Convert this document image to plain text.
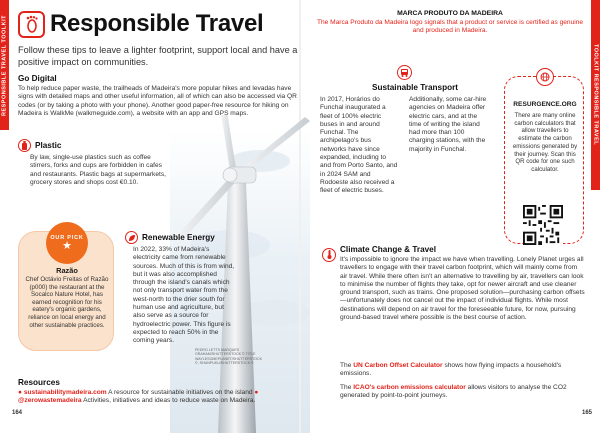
RESPONSIBLE TRAVEL TOOLKIT	TOOLKIT RESPONSIBLE TRAVEL
Responsible Travel
Follow these tips to leave a lighter footprint, support local and have a positive impact on communities.
Go Digital
To help reduce paper waste, the trailheads of Madeira's more popular hikes and levadas have signs with detailed maps and other useful information, all of which can also be accessed via QR codes (or by taking a photo with your phone). Another good paper-free resource for hiking on Madeira is WalkMe (walkmeguide.com), a website with an app and GPS maps.
Plastic
By law, single-use plastics such as coffee stirrers, forks and cups are forbidden in cafes and restaurants. Plastic bags at supermarkets, grocery stores and shops cost €0.10.
OUR PICK
★
Razão
Chef Octávio Freitas of Razão (p000) the restaurant at the Socalco Nature Hotel, has earned recognition for his eatery's organic gardens, reliance on local energy and other sustainable practices.
Renewable Energy
In 2022, 33% of Madeira's electricity came from renewable sources. Much of this is from wind, but it was also accomplished through the island's canals which not only transport water from the west-north to the drier south for human use and agriculture, but also serve as a source for hydroelectric power. This figure is expected to reach 50% in the coming years.
PEDRO LETTS MARQUES GRAHAM/SHUTTERSTOCK © TITLE WAYLESOMEPLANET/SHUTTERSTOCK ©, SHUNPUKU/SHUTTERSTOCK ©
Resources
● sustainabilitymadeira.com A resource for sustainable initiatives on the island ● @zerowastemadeira Activities, initiatives and ideas to reduce waste on Madeira.
164
MARCA PRODUTO DA MADEIRA
The Marca Produto da Madeira logo signals that a product or service is certified as genuine and produced in Madeira.
Sustainable Transport
In 2017, Horários do Funchal inaugurated a fleet of 100% electric buses in and around Funchal. The archipelago's bus networks have since expanded, including to and from Porto Santo, and in 2024 SAM and Rodoeste also received a fleet of electric buses.
Additionally, some car-hire agencies on Madeira offer electric cars, and at the time of writing the island had more than 100 charging stations, with the majority in Funchal.
RESURGENCE.ORG
There are many online carbon calculators that allow travellers to estimate the carbon emissions generated by their journey. Scan this QR code for one such calculator.
Climate Change & Travel
It's impossible to ignore the impact we have when travelling. Lonely Planet urges all travellers to engage with their travel carbon footprint, which will mainly come from air travel. While there often isn't an alternative to travelling by air, travellers can look to minimise the number of flights they take, opt for newer aircraft and use cleaner ground transport, such as trains. One proposed solution—purchasing carbon offsets—unfortunately does not cancel out the impact of individual flights. While most destinations will depend on air travel for the foreseeable future, for now, pursuing ground-based travel where possible is the best course of action.
The UN Carbon Offset Calculator shows how flying impacts a household's emissions.
The ICAO's carbon emissions calculator allows visitors to analyse the CO2 generated by point-to-point journeys.
165
